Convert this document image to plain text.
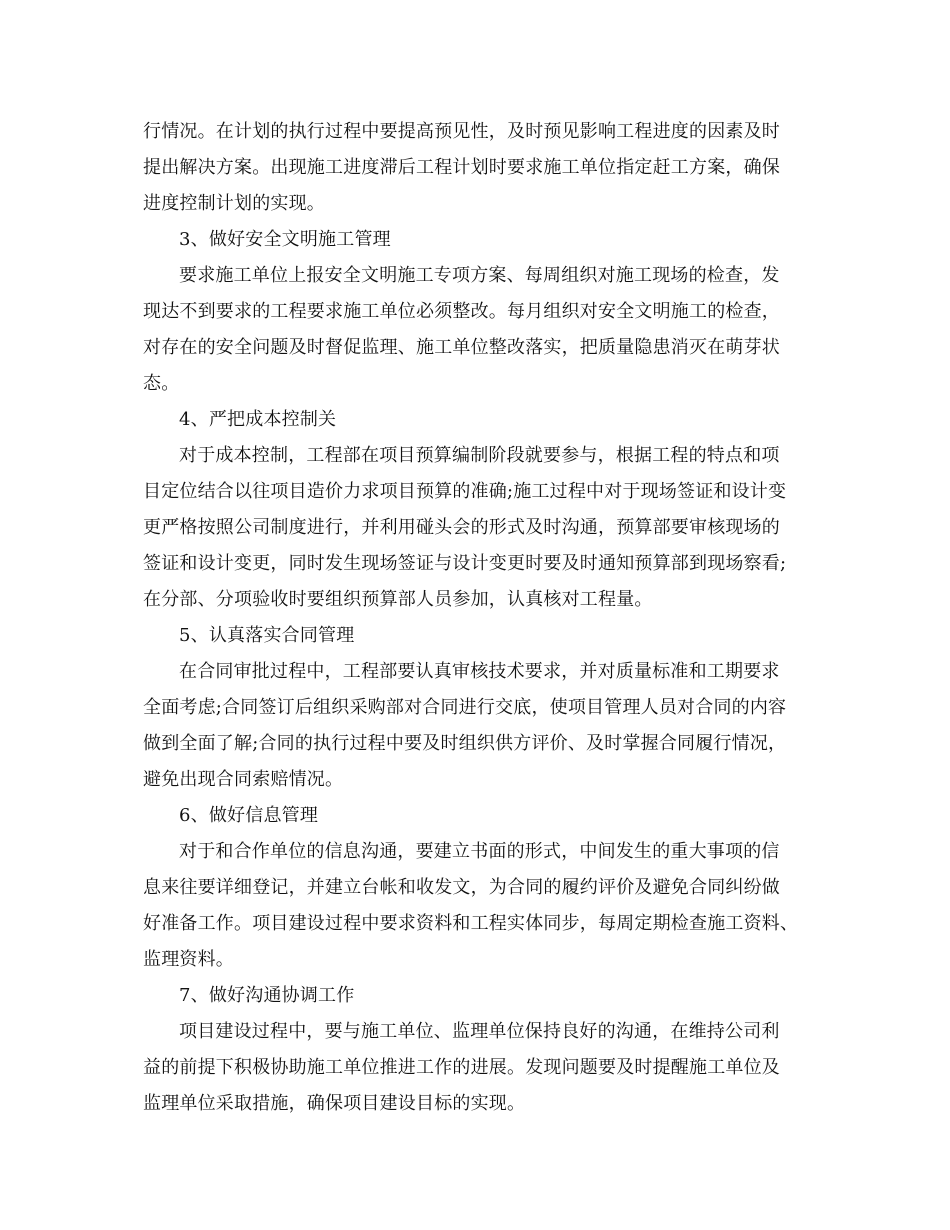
行情况。在计划的执行过程中要提高预见性，及时预见影响工程进度的因素及时
提出解决方案。出现施工进度滞后工程计划时要求施工单位指定赶工方案，确保
进度控制计划的实现。
3、做好安全文明施工管理
要求施工单位上报安全文明施工专项方案、每周组织对施工现场的检查，发
现达不到要求的工程要求施工单位必须整改。每月组织对安全文明施工的检查，
对存在的安全问题及时督促监理、施工单位整改落实，把质量隐患消灭在萌芽状
态。
4、严把成本控制关
对于成本控制，工程部在项目预算编制阶段就要参与，根据工程的特点和项
目定位结合以往项目造价力求项目预算的准确;施工过程中对于现场签证和设计变
更严格按照公司制度进行，并利用碰头会的形式及时沟通，预算部要审核现场的
签证和设计变更，同时发生现场签证与设计变更时要及时通知预算部到现场察看;
在分部、分项验收时要组织预算部人员参加，认真核对工程量。
5、认真落实合同管理
在合同审批过程中，工程部要认真审核技术要求，并对质量标准和工期要求
全面考虑;合同签订后组织采购部对合同进行交底，使项目管理人员对合同的内容
做到全面了解;合同的执行过程中要及时组织供方评价、及时掌握合同履行情况，
避免出现合同索赔情况。
6、做好信息管理
对于和合作单位的信息沟通，要建立书面的形式，中间发生的重大事项的信
息来往要详细登记，并建立台帐和收发文，为合同的履约评价及避免合同纠纷做
好准备工作。项目建设过程中要求资料和工程实体同步，每周定期检查施工资料、
监理资料。
7、做好沟通协调工作
项目建设过程中，要与施工单位、监理单位保持良好的沟通，在维持公司利
益的前提下积极协助施工单位推进工作的进展。发现问题要及时提醒施工单位及
监理单位采取措施，确保项目建设目标的实现。
